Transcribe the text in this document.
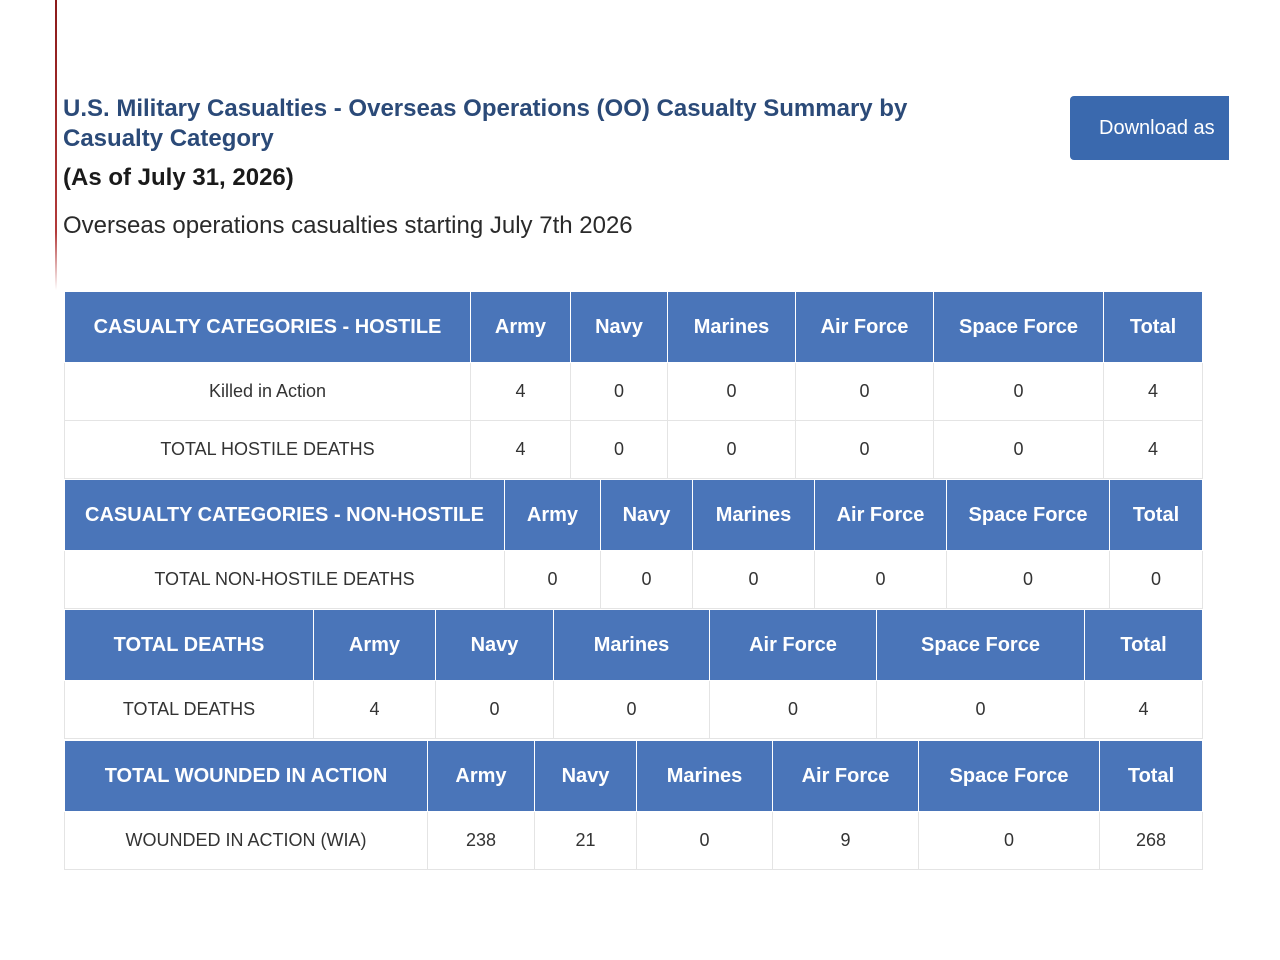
U.S. Military Casualties - Overseas Operations (OO) Casualty Summary by Casualty Category
(As of July 31, 2026)
Overseas operations casualties starting July 7th 2026
Download as
CASUALTY CATEGORIES - HOSTILE	Army	Navy	Marines	Air Force	Space Force	Total
Killed in Action	4	0	0	0	0	4
TOTAL HOSTILE DEATHS	4	0	0	0	0	4
CASUALTY CATEGORIES - NON-HOSTILE	Army	Navy	Marines	Air Force	Space Force	Total
TOTAL NON-HOSTILE DEATHS	0	0	0	0	0	0
TOTAL DEATHS	Army	Navy	Marines	Air Force	Space Force	Total
TOTAL DEATHS	4	0	0	0	0	4
TOTAL WOUNDED IN ACTION	Army	Navy	Marines	Air Force	Space Force	Total
WOUNDED IN ACTION (WIA)	238	21	0	9	0	268
